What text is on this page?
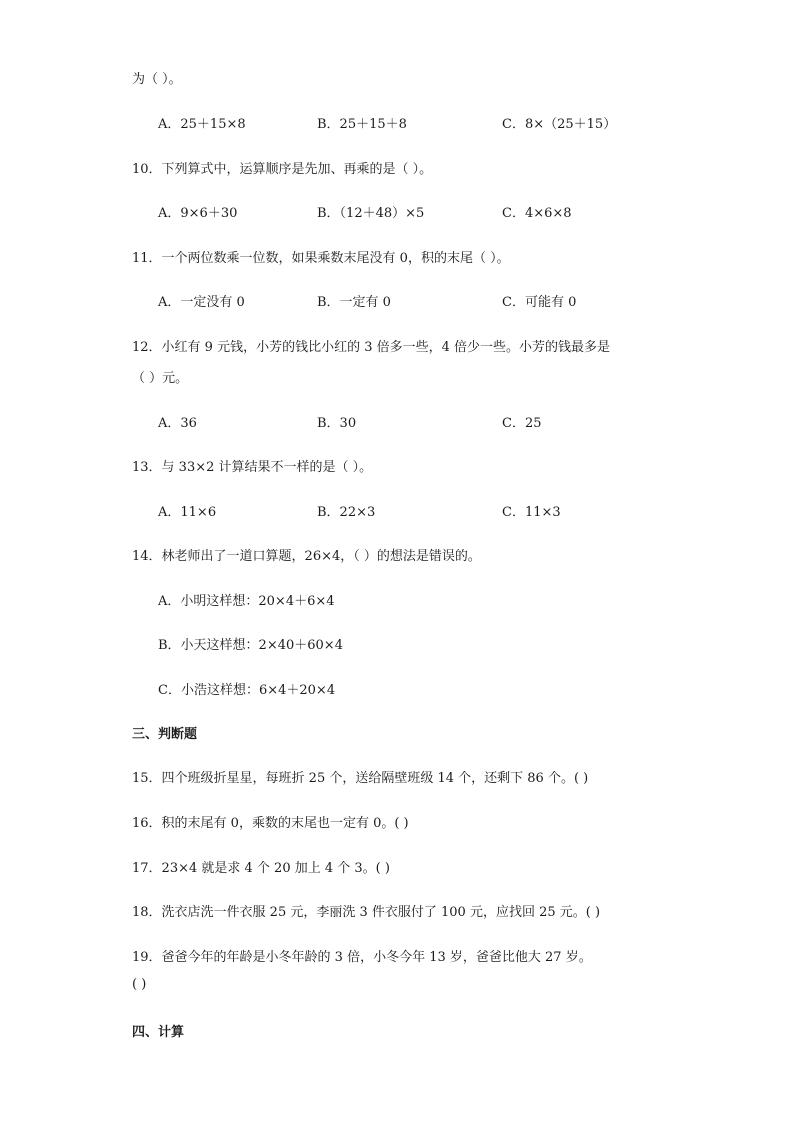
为（ ）。
A．25＋15×8	B．25＋15＋8	C．8×（25＋15）
10．下列算式中，运算顺序是先加、再乘的是（ ）。
A．9×6＋30	B．（12＋48）×5	C．4×6×8
11．一个两位数乘一位数，如果乘数末尾没有 0，积的末尾（ ）。
A．一定没有 0	B．一定有 0	C．可能有 0
12．小红有 9 元钱，小芳的钱比小红的 3 倍多一些，4 倍少一些。小芳的钱最多是
（ ）元。
A．36	B．30	C．25
13．与 33×2 计算结果不一样的是（ ）。
A．11×6	B．22×3	C．11×3
14．林老师出了一道口算题，26×4，（ ）的想法是错误的。
A．小明这样想：20×4＋6×4
B．小天这样想：2×40＋60×4
C．小浩这样想：6×4＋20×4
三、判断题
15．四个班级折星星，每班折 25 个，送给隔壁班级 14 个，还剩下 86 个。( )
16．积的末尾有 0，乘数的末尾也一定有 0。( )
17．23×4 就是求 4 个 20 加上 4 个 3。( )
18．洗衣店洗一件衣服 25 元，李丽洗 3 件衣服付了 100 元，应找回 25 元。( )
19．爸爸今年的年龄是小冬年龄的 3 倍，小冬今年 13 岁，爸爸比他大 27 岁。
( )
四、计算
